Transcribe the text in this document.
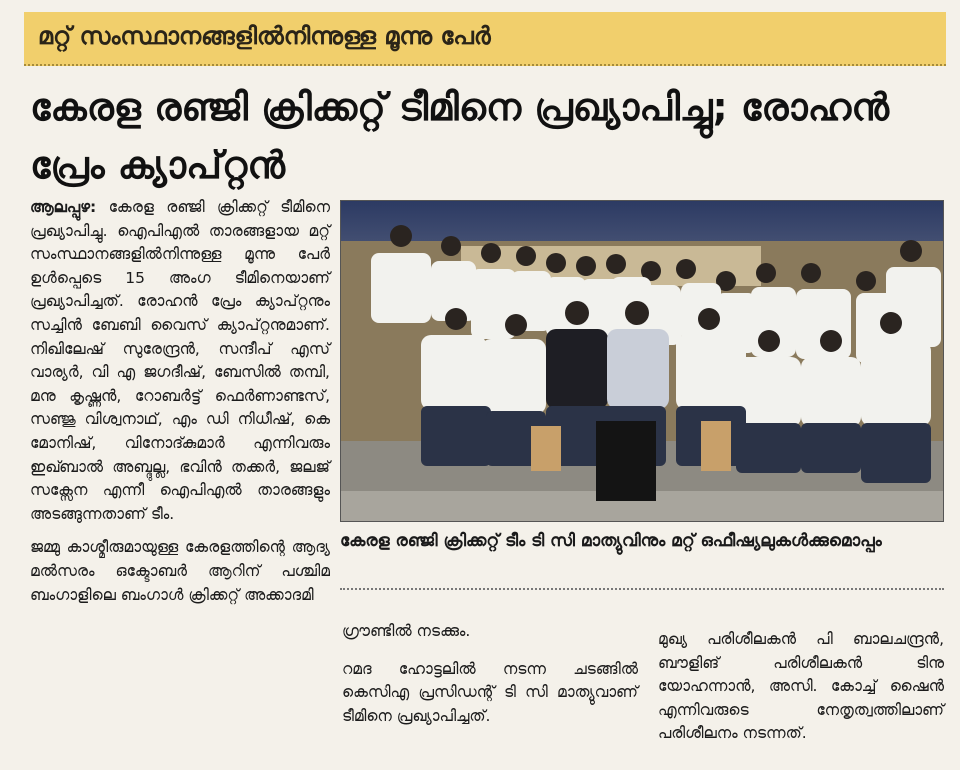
മറ്റ് സംസ്ഥാനങ്ങളിൽനിന്നുള്ള മൂന്നു പേർ
കേരള രഞ്ജി ക്രിക്കറ്റ് ടീമിനെ പ്രഖ്യാപിച്ചു; രോഹൻ പ്രേം ക്യാപ്റ്റൻ

ആലപ്പുഴ: കേരള രഞ്ജി ക്രിക്കറ്റ് ടീമിനെ പ്രഖ്യാപിച്ചു. ഐപിഎൽ താരങ്ങളായ മറ്റ് സംസ്ഥാനങ്ങളിൽനിന്നുള്ള മൂന്നു പേർ ഉൾപ്പെടെ 15 അംഗ ടീമിനെയാണ് പ്രഖ്യാപിച്ചത്. രോഹൻ പ്രേം ക്യാപ്റ്റനും സച്ചിൻ ബേബി വൈസ് ക്യാപ്റ്റനുമാണ്. നിഖിലേഷ് സുരേന്ദ്രൻ, സന്ദീപ് എസ് വാര്യർ, വി എ ജഗദീഷ്, ബേസിൽ തമ്പി, മനു കൃഷ്ണൻ, റോബർട്ട് ഫെർണാണ്ടസ്, സഞ്ജു വിശ്വനാഥ്, എം ഡി നിധീഷ്, കെ മോനിഷ്, വിനോദ്കുമാർ എന്നിവരും ഇഖ്ബാൽ അബ്ദുല്ല, ഭവിൻ തക്കർ, ജലജ് സക്സേന എന്നീ ഐപിഎൽ താരങ്ങളും അടങ്ങുന്നതാണ് ടീം.

ജമ്മു കാശ്മീരുമായുള്ള കേരളത്തിന്റെ ആദ്യ മൽസരം ഒക്ടോബർ ആറിന് പശ്ചിമ ബംഗാളിലെ ബംഗാൾ ക്രിക്കറ്റ് അക്കാദമി

കേരള രഞ്ജി ക്രിക്കറ്റ് ടീം ടി സി മാത്യുവിനും മറ്റ് ഒഫീഷ്യലുകൾക്കുമൊപ്പം

ഗ്രൗണ്ടിൽ നടക്കും.

റമദ ഹോട്ടലിൽ നടന്ന ചടങ്ങിൽ കെസിഎ പ്രസിഡന്റ് ടി സി മാത്യുവാണ് ടീമിനെ പ്രഖ്യാപിച്ചത്.

മുഖ്യ പരിശീലകൻ പി ബാലചന്ദ്രൻ, ബൗളിങ് പരിശീലകൻ ടിനു യോഹന്നാൻ, അസി. കോച്ച് ഷൈൻ എന്നിവരുടെ നേതൃത്വത്തിലാണ് പരിശീലനം നടന്നത്.
